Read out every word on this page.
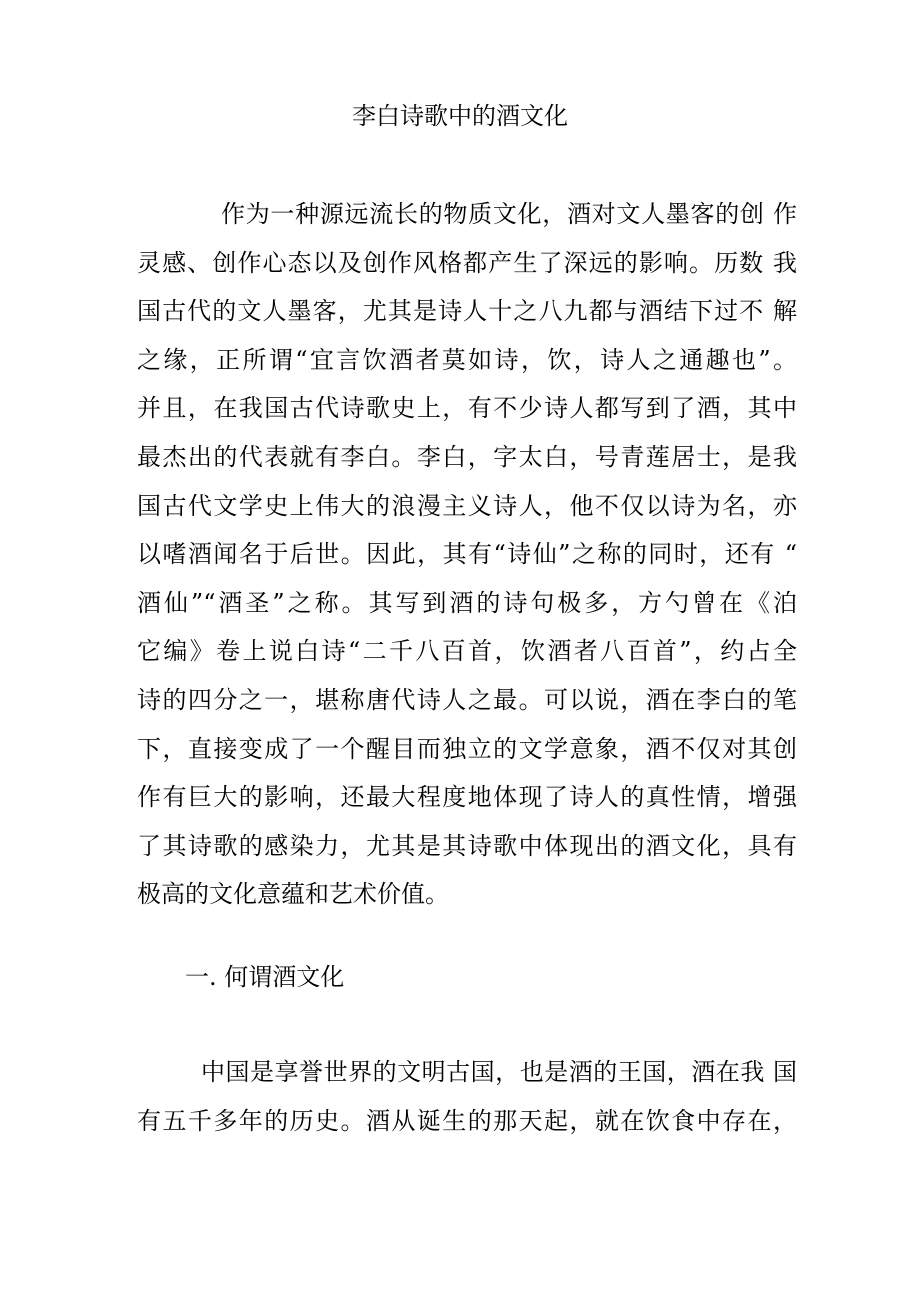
李白诗歌中的酒文化
作为一种源远流长的物质文化，酒对文人墨客的创 作
灵感、创作心态以及创作风格都产生了深远的影响。历数 我
国古代的文人墨客，尤其是诗人十之八九都与酒结下过不 解
之缘，正所谓“宜言饮酒者莫如诗，饮，诗人之通趣也”。
并且，在我国古代诗歌史上，有不少诗人都写到了酒，其中
最杰出的代表就有李白。李白，字太白，号青莲居士，是我
国古代文学史上伟大的浪漫主义诗人，他不仅以诗为名，亦
以嗜酒闻名于后世。因此，其有“诗仙”之称的同时，还有 “
酒仙”“酒圣”之称。其写到酒的诗句极多，方勺曾在《泊
它编》卷上说白诗“二千八百首，饮酒者八百首”，约占全
诗的四分之一，堪称唐代诗人之最。可以说，酒在李白的笔
下，直接变成了一个醒目而独立的文学意象，酒不仅对其创
作有巨大的影响，还最大程度地体现了诗人的真性情，增强
了其诗歌的感染力，尤其是其诗歌中体现出的酒文化，具有
极高的文化意蕴和艺术价值。
一. 何谓酒文化
中国是享誉世界的文明古国，也是酒的王国，酒在我 国
有五千多年的历史。酒从诞生的那天起，就在饮食中存在，
